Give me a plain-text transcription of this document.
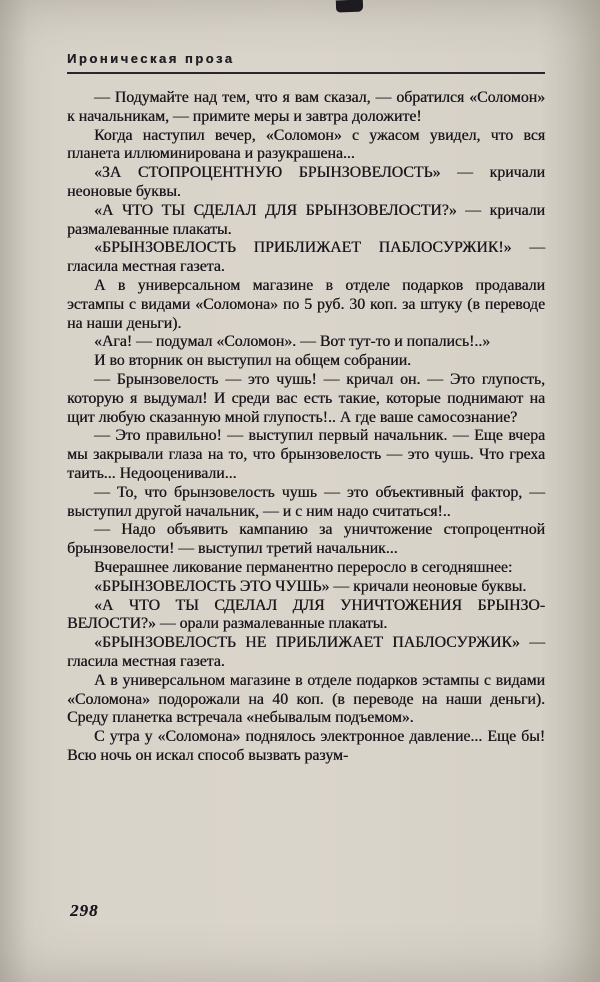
Ироническая проза

— Подумайте над тем, что я вам сказал, — обратился «Соломон» к начальникам, — примите меры и завтра доложите!

Когда наступил вечер, «Соломон» с ужасом увидел, что вся планета иллюминирована и разукрашена...

«ЗА СТОПРОЦЕНТНУЮ БРЫНЗОВЕЛОСТЬ» — кричали неоновые буквы.

«А ЧТО ТЫ СДЕЛАЛ ДЛЯ БРЫНЗОВЕЛОСТИ?» — кричали размалеванные плакаты.

«БРЫНЗОВЕЛОСТЬ ПРИБЛИЖАЕТ ПАБЛОСУРЖИК!» — гласила местная газета.

А в универсальном магазине в отделе подарков продавали эстампы с видами «Соломона» по 5 руб. 30 коп. за штуку (в переводе на наши деньги).

«Ага! — подумал «Соломон». — Вот тут-то и попались!..»

И во вторник он выступил на общем собрании.

— Брынзовелость — это чушь! — кричал он. — Это глупость, которую я выдумал! И среди вас есть такие, которые поднимают на щит любую сказанную мной глупость!.. А где ваше самосознание?

— Это правильно! — выступил первый начальник. — Еще вчера мы закрывали глаза на то, что брынзовелость — это чушь. Что греха таить... Недооценивали...

— То, что брынзовелость чушь — это объективный фактор, — выступил другой начальник, — и с ним надо считаться!..

— Надо объявить кампанию за уничтожение стопроцентной брынзовелости! — выступил третий начальник...

Вчерашнее ликование перманентно переросло в сегодняшнее:

«БРЫНЗОВЕЛОСТЬ ЭТО ЧУШЬ» — кричали неоновые буквы.

«А ЧТО ТЫ СДЕЛАЛ ДЛЯ УНИЧТОЖЕНИЯ БРЫНЗОВЕЛОСТИ?» — орали размалеванные плакаты.

«БРЫНЗОВЕЛОСТЬ НЕ ПРИБЛИЖАЕТ ПАБЛОСУРЖИК» — гласила местная газета.

А в универсальном магазине в отделе подарков эстампы с видами «Соломона» подорожали на 40 коп. (в переводе на наши деньги). Среду планетка встречала «небывалым подъемом».

С утра у «Соломона» поднялось электронное давление... Еще бы! Всю ночь он искал способ вызвать разум-

298
